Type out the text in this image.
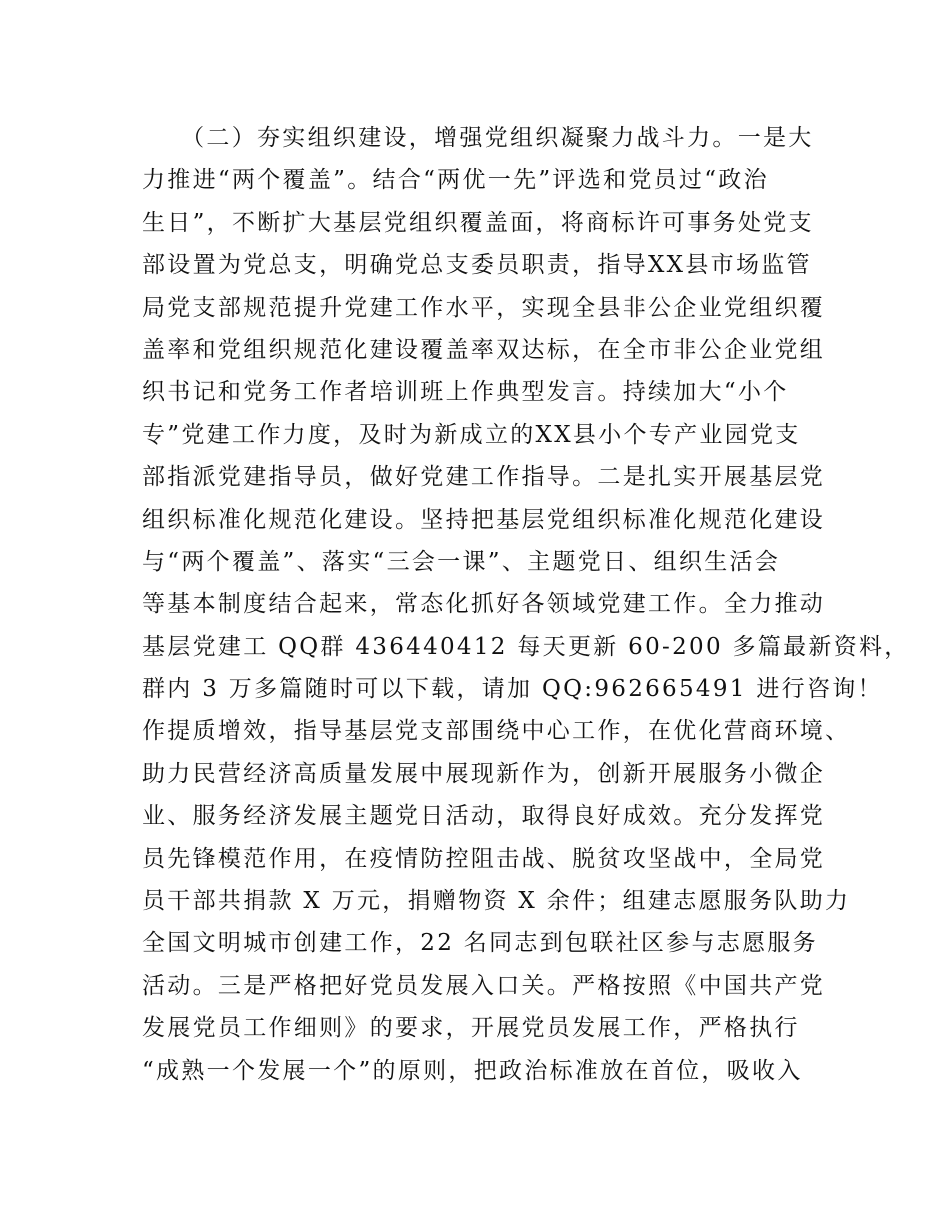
　　（二）夯实组织建设，增强党组织凝聚力战斗力。一是大
力推进“两个覆盖”。结合“两优一先”评选和党员过“政治
生日”，不断扩大基层党组织覆盖面，将商标许可事务处党支
部设置为党总支，明确党总支委员职责，指导XX县市场监管
局党支部规范提升党建工作水平，实现全县非公企业党组织覆
盖率和党组织规范化建设覆盖率双达标，在全市非公企业党组
织书记和党务工作者培训班上作典型发言。持续加大“小个
专”党建工作力度，及时为新成立的XX县小个专产业园党支
部指派党建指导员，做好党建工作指导。二是扎实开展基层党
组织标准化规范化建设。坚持把基层党组织标准化规范化建设
与“两个覆盖”、落实“三会一课”、主题党日、组织生活会
等基本制度结合起来，常态化抓好各领域党建工作。全力推动
基层党建工 QQ群 436440412 每天更新 60-200 多篇最新资料，
群内 3 万多篇随时可以下载，请加 QQ:962665491 进行咨询！
作提质增效，指导基层党支部围绕中心工作，在优化营商环境、
助力民营经济高质量发展中展现新作为，创新开展服务小微企
业、服务经济发展主题党日活动，取得良好成效。充分发挥党
员先锋模范作用，在疫情防控阻击战、脱贫攻坚战中，全局党
员干部共捐款 X 万元，捐赠物资 X 余件；组建志愿服务队助力
全国文明城市创建工作，22 名同志到包联社区参与志愿服务
活动。三是严格把好党员发展入口关。严格按照《中国共产党
发展党员工作细则》的要求，开展党员发展工作，严格执行
“成熟一个发展一个”的原则，把政治标准放在首位，吸收入
